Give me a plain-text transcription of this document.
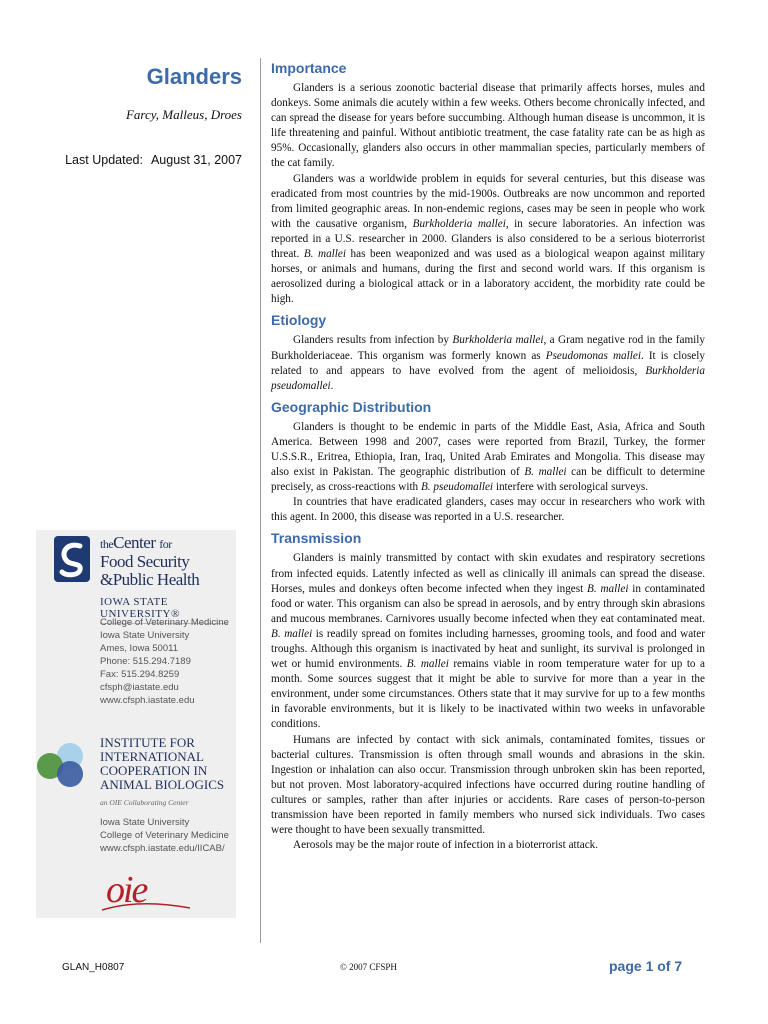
Glanders
Farcy, Malleus, Droes
Last Updated: August 31, 2007
theCenter for
Food Security
&Public Health
IOWA STATE UNIVERSITY®
College of Veterinary Medicine
Iowa State University
Ames, Iowa 50011
Phone: 515.294.7189
Fax: 515.294.8259
cfsph@iastate.edu
www.cfsph.iastate.edu
INSTITUTE FOR
INTERNATIONAL
COOPERATION IN
ANIMAL BIOLOGICS
an OIE Collaborating Center
Iowa State University
College of Veterinary Medicine
www.cfsph.iastate.edu/IICAB/
oie
Importance

Glanders is a serious zoonotic bacterial disease that primarily affects horses, mules and donkeys. Some animals die acutely within a few weeks. Others become chronically infected, and can spread the disease for years before succumbing. Although human disease is uncommon, it is life threatening and painful. Without antibiotic treatment, the case fatality rate can be as high as 95%. Occasionally, glanders also occurs in other mammalian species, particularly members of the cat family.

Glanders was a worldwide problem in equids for several centuries, but this disease was eradicated from most countries by the mid-1900s. Outbreaks are now uncommon and reported from limited geographic areas. In non-endemic regions, cases may be seen in people who work with the causative organism, Burkholderia mallei, in secure laboratories. An infection was reported in a U.S. researcher in 2000. Glanders is also considered to be a serious bioterrorist threat. B. mallei has been weaponized and was used as a biological weapon against military horses, or animals and humans, during the first and second world wars. If this organism is aerosolized during a biological attack or in a laboratory accident, the morbidity rate could be high.

Etiology

Glanders results from infection by Burkholderia mallei, a Gram negative rod in the family Burkholderiaceae. This organism was formerly known as Pseudomonas mallei. It is closely related to and appears to have evolved from the agent of melioidosis, Burkholderia pseudomallei.

Geographic Distribution

Glanders is thought to be endemic in parts of the Middle East, Asia, Africa and South America. Between 1998 and 2007, cases were reported from Brazil, Turkey, the former U.S.S.R., Eritrea, Ethiopia, Iran, Iraq, United Arab Emirates and Mongolia. This disease may also exist in Pakistan. The geographic distribution of B. mallei can be difficult to determine precisely, as cross-reactions with B. pseudomallei interfere with serological surveys.

In countries that have eradicated glanders, cases may occur in researchers who work with this agent. In 2000, this disease was reported in a U.S. researcher.

Transmission

Glanders is mainly transmitted by contact with skin exudates and respiratory secretions from infected equids. Latently infected as well as clinically ill animals can spread the disease. Horses, mules and donkeys often become infected when they ingest B. mallei in contaminated food or water. This organism can also be spread in aerosols, and by entry through skin abrasions and mucous membranes. Carnivores usually become infected when they eat contaminated meat. B. mallei is readily spread on fomites including harnesses, grooming tools, and food and water troughs. Although this organism is inactivated by heat and sunlight, its survival is prolonged in wet or humid environments. B. mallei remains viable in room temperature water for up to a month. Some sources suggest that it might be able to survive for more than a year in the environment, under some circumstances. Others state that it may survive for up to a few months in favorable environments, but it is likely to be inactivated within two weeks in unfavorable conditions.

Humans are infected by contact with sick animals, contaminated fomites, tissues or bacterial cultures. Transmission is often through small wounds and abrasions in the skin. Ingestion or inhalation can also occur. Transmission through unbroken skin has been reported, but not proven. Most laboratory-acquired infections have occurred during routine handling of cultures or samples, rather than after injuries or accidents. Rare cases of person-to-person transmission have been reported in family members who nursed sick individuals. Two cases were thought to have been sexually transmitted.

Aerosols may be the major route of infection in a bioterrorist attack.

GLAN_H0807	© 2007 CFSPH	page 1 of 7
